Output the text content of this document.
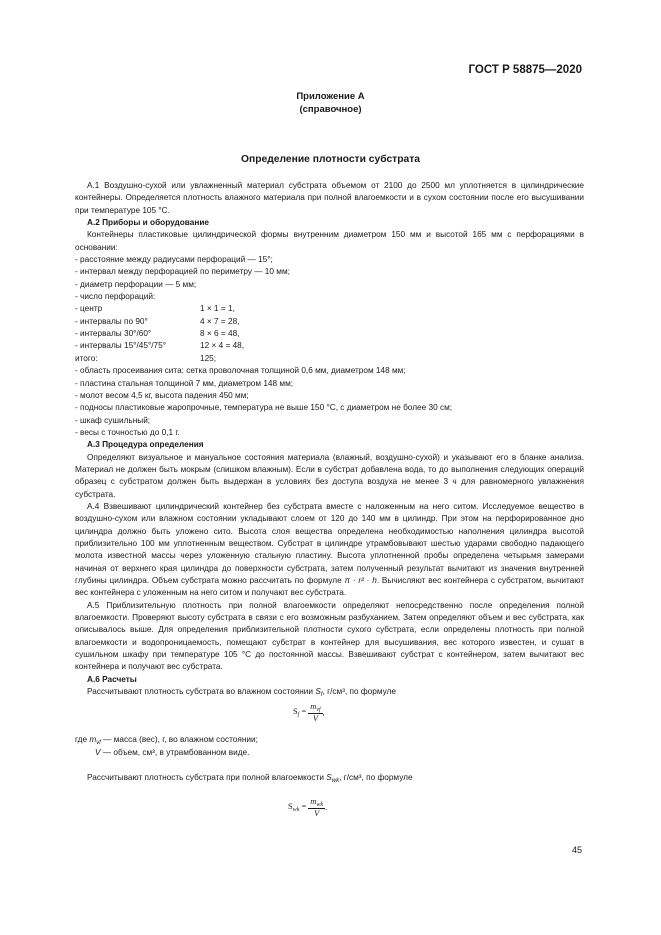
ГОСТ Р 58875—2020
Приложение А
(справочное)
Определение плотности субстрата

А.1 Воздушно-сухой или увлажненный материал субстрата объемом от 2100 до 2500 мл уплотняется в цилиндрические контейнеры. Определяется плотность влажного материала при полной влагоемкости и в сухом состоянии после его высушивании при температуре 105 °С.

А.2 Приборы и оборудование

Контейнеры пластиковые цилиндрической формы внутренним диаметром 150 мм и высотой 165 мм с перфорациями в основании:

- расстояние между радиусами перфораций — 15°;

- интервал между перфорацией по периметру — 10 мм;

- диаметр перфорации — 5 мм;

- число перфораций:

- центр	1 × 1 = 1,

- интервалы по 90°	4 × 7 = 28,

- интервалы 30°/60°	8 × 6 = 48,

- интервалы 15°/45°/75°	12 × 4 = 48,

итого:	125;

- область просеивания сита: сетка проволочная толщиной 0,6 мм, диаметром 148 мм;

- пластина стальная толщиной 7 мм, диаметром 148 мм;

- молот весом 4,5 кг, высота падения 450 мм;

- подносы пластиковые жаропрочные, температура не выше 150 °С, с диаметром не более 30 см;

- шкаф сушильный;

- весы с точностью до 0,1 г.

А.3 Процедура определения

Определяют визуальное и мануальное состояния материала (влажный, воздушно-сухой) и указывают его в бланке анализа. Материал не должен быть мокрым (слишком влажным). Если в субстрат добавлена вода, то до выполнения следующих операций образец с субстратом должен быть выдержан в условиях без доступа воздуха не менее 3 ч для равномерного увлажнения субстрата.

А.4 Взвешивают цилиндрический контейнер без субстрата вместе с наложенным на него ситом. Исследуемое вещество в воздушно-сухом или влажном состоянии укладывают слоем от 120 до 140 мм в цилиндр. При этом на перфорированное дно цилиндра должно быть уложено сито. Высота слоя вещества определена необходимостью наполнения цилиндра высотой приблизительно 100 мм уплотненным веществом. Субстрат в цилиндре утрамбовывают шестью ударами свободно падающего молота известной массы через уложенную стальную пластину. Высота уплотненной пробы определена четырьмя замерами начиная от верхнего края цилиндра до поверхности субстрата, затем полученный результат вычитают из значения внутренней глубины цилиндра. Объем субстрата можно рассчитать по формуле π · r² · h. Вычисляют вес контейнера с субстратом, вычитают вес контейнера с уложенным на него ситом и получают вес субстрата.

А.5 Приблизительную плотность при полной влагоемкости определяют непосредственно после определения полной влагоемкости. Проверяют высоту субстрата в связи с его возможным разбуханием. Затем определяют объем и вес субстрата, как описывалось выше. Для определения приблизительной плотности сухого субстрата, если определены плотность при полной влагоемкости и водопроницаемость, помещают субстрат в контейнер для высушивания, вес которого известен, и сушат в сушильном шкафу при температуре 105 °С до постоянной массы. Взвешивают субстрат с контейнером, затем вычитают вес контейнера и получают вес субстрата.

А.6 Расчеты

Рассчитывают плотность субстрата во влажном состоянии $S_f$, г/см³, по формуле

$S_f = \frac{m_{vf}}{V}$ ,
где $m_{vf}$ — масса (вес), г, во влажном состоянии;
V — объем, см³, в утрамбованном виде.
Рассчитывают плотность субстрата при полной влагоемкости $S_{wk}$, г/см³, по формуле
$S_{wk} = \frac{m_{wk}}{V}$ .
45
